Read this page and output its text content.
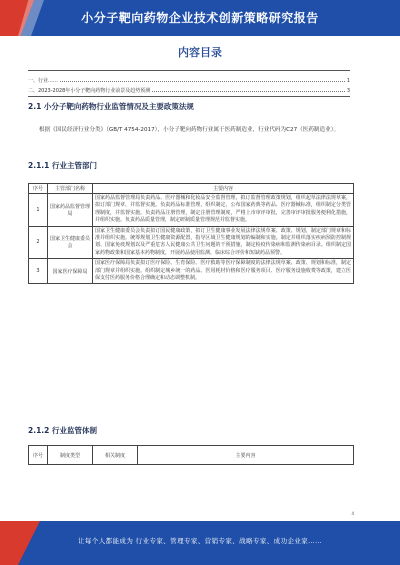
小分子靶向药物企业技术创新策略研究报告
内容目录
一、行业……	1
二、2023-2028年小分子靶向药物行业前景及趋势预测	3
2.1 小分子靶向药物行业监管情况及主要政策法规
根据《国民经济行业分类》（GB/T 4754-2017），小分子靶向药物行业属于医药制造业，行业代码为C27（医药制造业）。
2.1.1 行业主管部门
序号	主管部门名称	主要内容
1	国家药品监督管理局	国家药品监督管理局负责药品、医疗器械和化妆品安全监督管理，拟订监督管理政策规划，组织起草法律法规草案，拟订部门规章，并监督实施。负责药品标准管理，组织制定、公布国家药典等药品、医疗器械标准，组织制定分类管理制度，并监督实施。负责药品注册管理，制定注册管理制度，严格上市审评审批，完善审评审批服务便利化措施，并组织实施。负责药品质量管理，制定研制质量管理规范并监督实施。
2	国家卫生健康委员会	国家卫生健康委员会负责拟订国民健康政策，拟订卫生健康事业发展法律法规草案、政策、规划，制定部门规章和标准并组织实施。统筹规划卫生健康资源配置，指导区域卫生健康规划的编制和实施。制定并组织落实疾病预防控制规划、国家免疫规划以及严重危害人民健康公共卫生问题的干预措施，制定检疫传染病和监测传染病目录。组织制定国家药物政策和国家基本药物制度，开展药品使用监测、临床综合评价和短缺药品预警。
3	国家医疗保障局	国家医疗保障局负责拟订医疗保险、生育保险、医疗救助等医疗保障制度的法律法规草案、政策、规划和标准，制定部门规章并组织实施。组织制定城乡统一的药品、医用耗材价格和医疗服务项目、医疗服务设施收费等政策，建立医保支付医药服务价格合理确定和动态调整机制。
2.1.2 行业监管体制
序号	制度类型	相关制度	主要内容
4
让每个人都能成为 行业专家、管理专家、营销专家、战略专家、成功企业家……
